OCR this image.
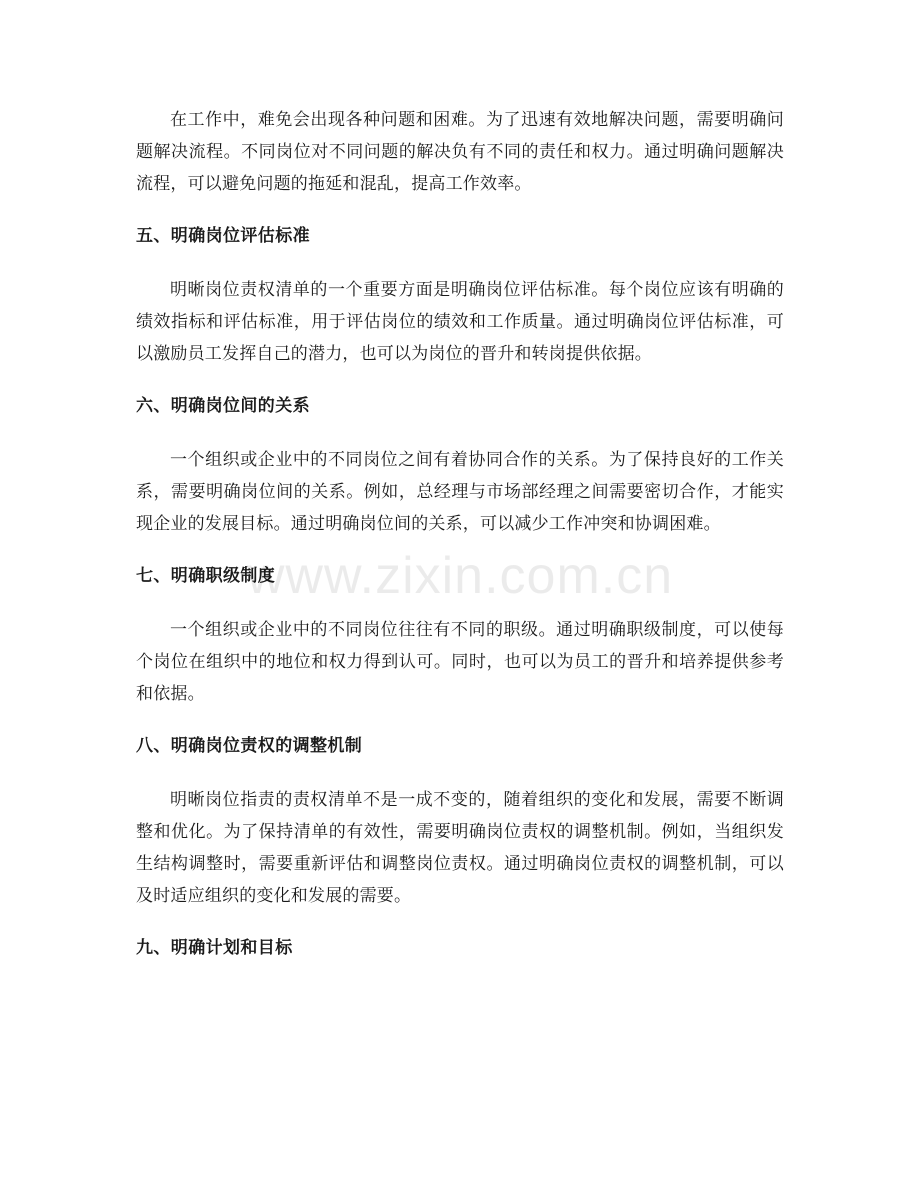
在工作中，难免会出现各种问题和困难。为了迅速有效地解决问题，需要明确问题解决流程。不同岗位对不同问题的解决负有不同的责任和权力。通过明确问题解决流程，可以避免问题的拖延和混乱，提高工作效率。

五、明确岗位评估标准

明晰岗位责权清单的一个重要方面是明确岗位评估标准。每个岗位应该有明确的绩效指标和评估标准，用于评估岗位的绩效和工作质量。通过明确岗位评估标准，可以激励员工发挥自己的潜力，也可以为岗位的晋升和转岗提供依据。

六、明确岗位间的关系

一个组织或企业中的不同岗位之间有着协同合作的关系。为了保持良好的工作关系，需要明确岗位间的关系。例如，总经理与市场部经理之间需要密切合作，才能实现企业的发展目标。通过明确岗位间的关系，可以减少工作冲突和协调困难。

七、明确职级制度

一个组织或企业中的不同岗位往往有不同的职级。通过明确职级制度，可以使每个岗位在组织中的地位和权力得到认可。同时，也可以为员工的晋升和培养提供参考和依据。

八、明确岗位责权的调整机制

明晰岗位指责的责权清单不是一成不变的，随着组织的变化和发展，需要不断调整和优化。为了保持清单的有效性，需要明确岗位责权的调整机制。例如，当组织发生结构调整时，需要重新评估和调整岗位责权。通过明确岗位责权的调整机制，可以及时适应组织的变化和发展的需要。

九、明确计划和目标
www.zixin.com.cn
